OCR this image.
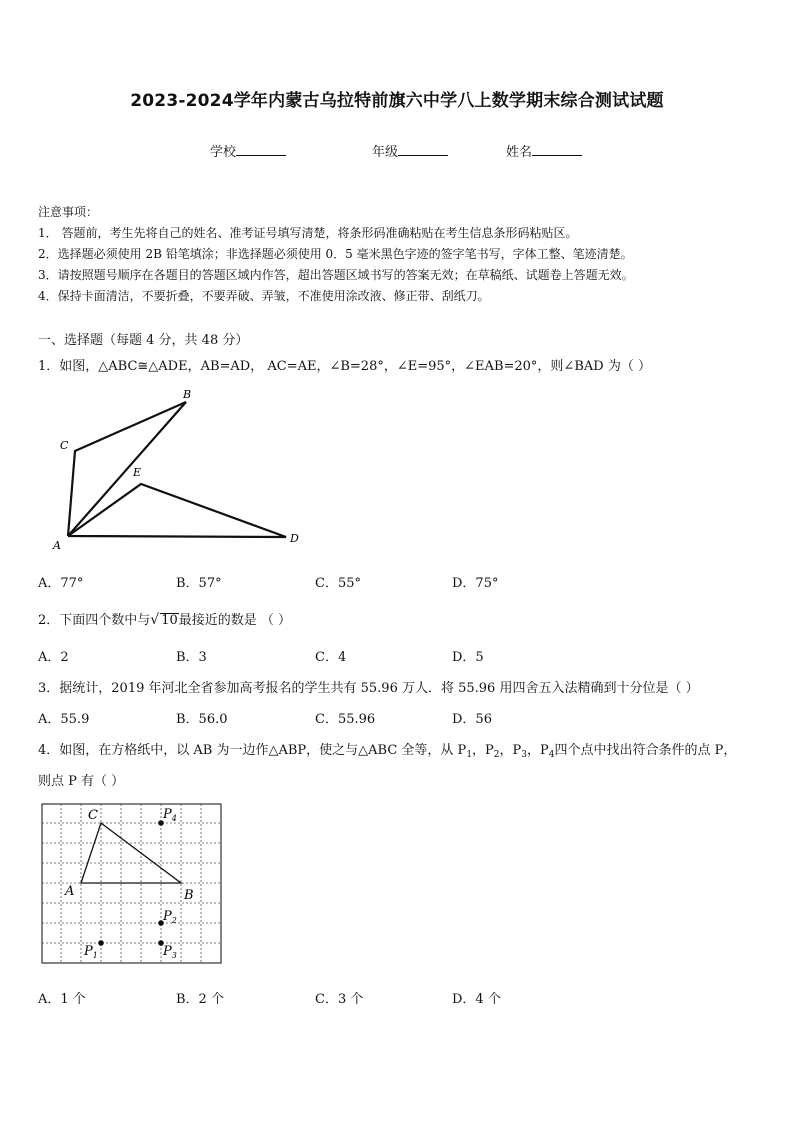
2023-2024学年内蒙古乌拉特前旗六中学八上数学期末综合测试试题
学校	年级	姓名
注意事项：
1． 答题前，考生先将自己的姓名、准考证号填写清楚，将条形码准确粘贴在考生信息条形码粘贴区。
2．选择题必须使用 2B 铅笔填涂；非选择题必须使用 0．5 毫米黑色字迹的签字笔书写，字体工整、笔迹清楚。
3．请按照题号顺序在各题目的答题区域内作答，超出答题区域书写的答案无效；在草稿纸、试题卷上答题无效。
4．保持卡面清洁，不要折叠，不要弄破、弄皱，不准使用涂改液、修正带、刮纸刀。
一、选择题（每题 4 分，共 48 分）
1．如图，△ABC≅△ADE，AB=AD， AC=AE，∠B=28°，∠E=95°，∠EAB=20°，则∠BAD 为（ ）
B
C
E
A
D
A．77°	B．57°	C．55°	D．75°
2．下面四个数中与√ 10最接近的数是 （ ）
A．2	B．3	C．4	D．5
3．据统计，2019 年河北全省参加高考报名的学生共有 55.96 万人．将 55.96 用四舍五入法精确到十分位是（ ）
A．55.9	B．56.0	C．55.96	D．56
4．如图，在方格纸中，以 AB 为一边作△ABP，使之与△ABC 全等，从 $P_1$，$P_2$，$P_3$，$P_4$四个点中找出符合条件的点 P，
则点 P 有（ ）
C
A	B
$P_4$
$P_2$
$P_3$
$P_1$
A．1 个	B．2 个	C．3 个	D．4 个
